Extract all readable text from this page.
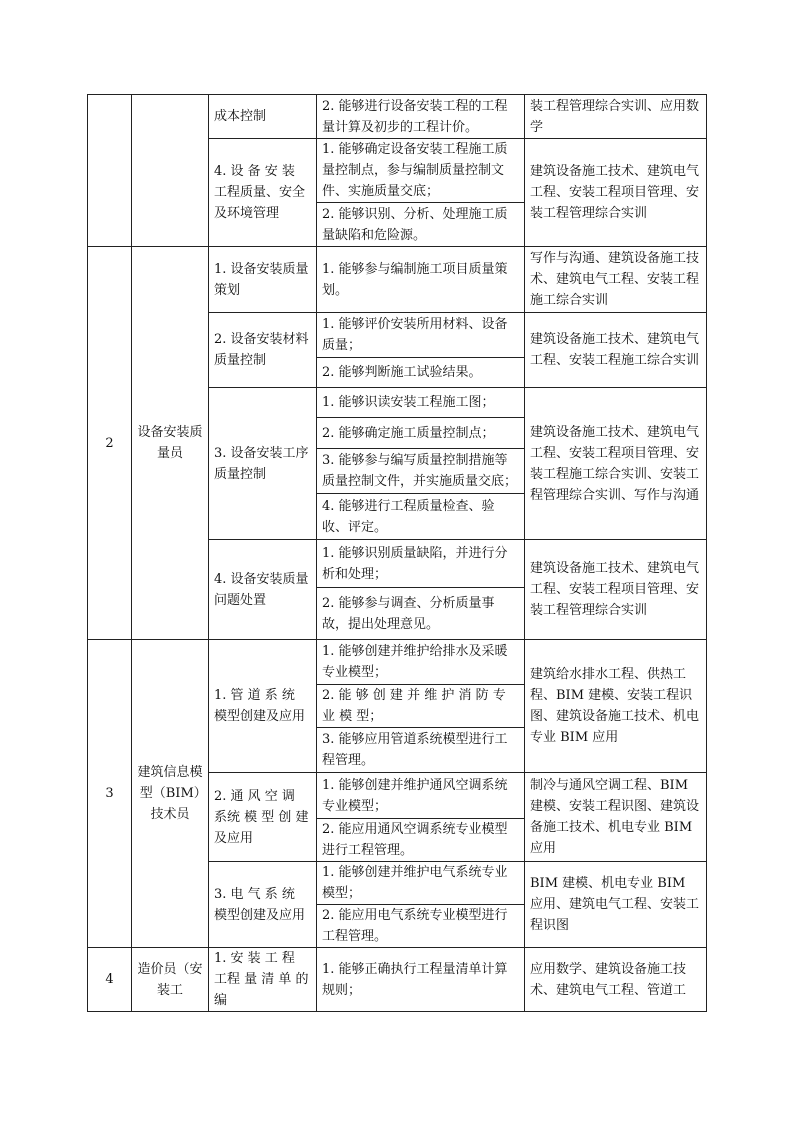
		成本控制	2. 能够进行设备安装工程的工程量计算及初步的工程计价。	装工程管理综合实训、应用数学
		4. 设 备 安 装 工程质量、安全及环境管理	1. 能够确定设备安装工程施工质量控制点，参与编制质量控制文件、实施质量交底；	建筑设备施工技术、建筑电气工程、安装工程项目管理、安装工程管理综合实训
			2. 能够识别、分析、处理施工质量缺陷和危险源。	
2	设备安装质量员	1. 设备安装质量策划	1. 能够参与编制施工项目质量策划。	写作与沟通、建筑设备施工技术、建筑电气工程、安装工程施工综合实训
		2. 设备安装材料质量控制	1. 能够评价安装所用材料、设备质量；	建筑设备施工技术、建筑电气工程、安装工程施工综合实训
			2. 能够判断施工试验结果。	
		3. 设备安装工序质量控制	1. 能够识读安装工程施工图；	建筑设备施工技术、建筑电气工程、安装工程项目管理、安装工程施工综合实训、安装工程管理综合实训、写作与沟通
			2. 能够确定施工质量控制点；	
			3. 能够参与编写质量控制措施等质量控制文件，并实施质量交底；	
			4. 能够进行工程质量检查、验收、评定。	
		4. 设备安装质量问题处置	1. 能够识别质量缺陷，并进行分析和处理；	建筑设备施工技术、建筑电气工程、安装工程项目管理、安装工程管理综合实训
			2. 能够参与调查、分析质量事故，提出处理意见。	
3	建筑信息模型（BIM）技术员	1. 管 道 系 统 模型创建及应用	1. 能够创建并维护给排水及采暖专业模型；	建筑给水排水工程、供热工程、BIM 建模、安装工程识图、建筑设备施工技术、机电专业 BIM 应用
			2. 能 够 创 建 并 维 护 消 防 专 业 模 型；	
			3. 能够应用管道系统模型进行工程管理。	
		2. 通 风 空 调 系统 模 型 创 建 及应用	1. 能够创建并维护通风空调系统专业模型；	制冷与通风空调工程、BIM 建模、安装工程识图、建筑设备施工技术、机电专业 BIM 应用
			2. 能应用通风空调系统专业模型进行工程管理。	
		3. 电 气 系 统 模型创建及应用	1. 能够创建并维护电气系统专业模型；	BIM 建模、机电专业 BIM 应用、建筑电气工程、安装工程识图
			2. 能应用电气系统专业模型进行工程管理。	
4	造价员（安装工	1. 安 装 工 程 工程 量 清 单 的 编	1. 能够正确执行工程量清单计算规则；	应用数学、建筑设备施工技术、建筑电气工程、管道工
